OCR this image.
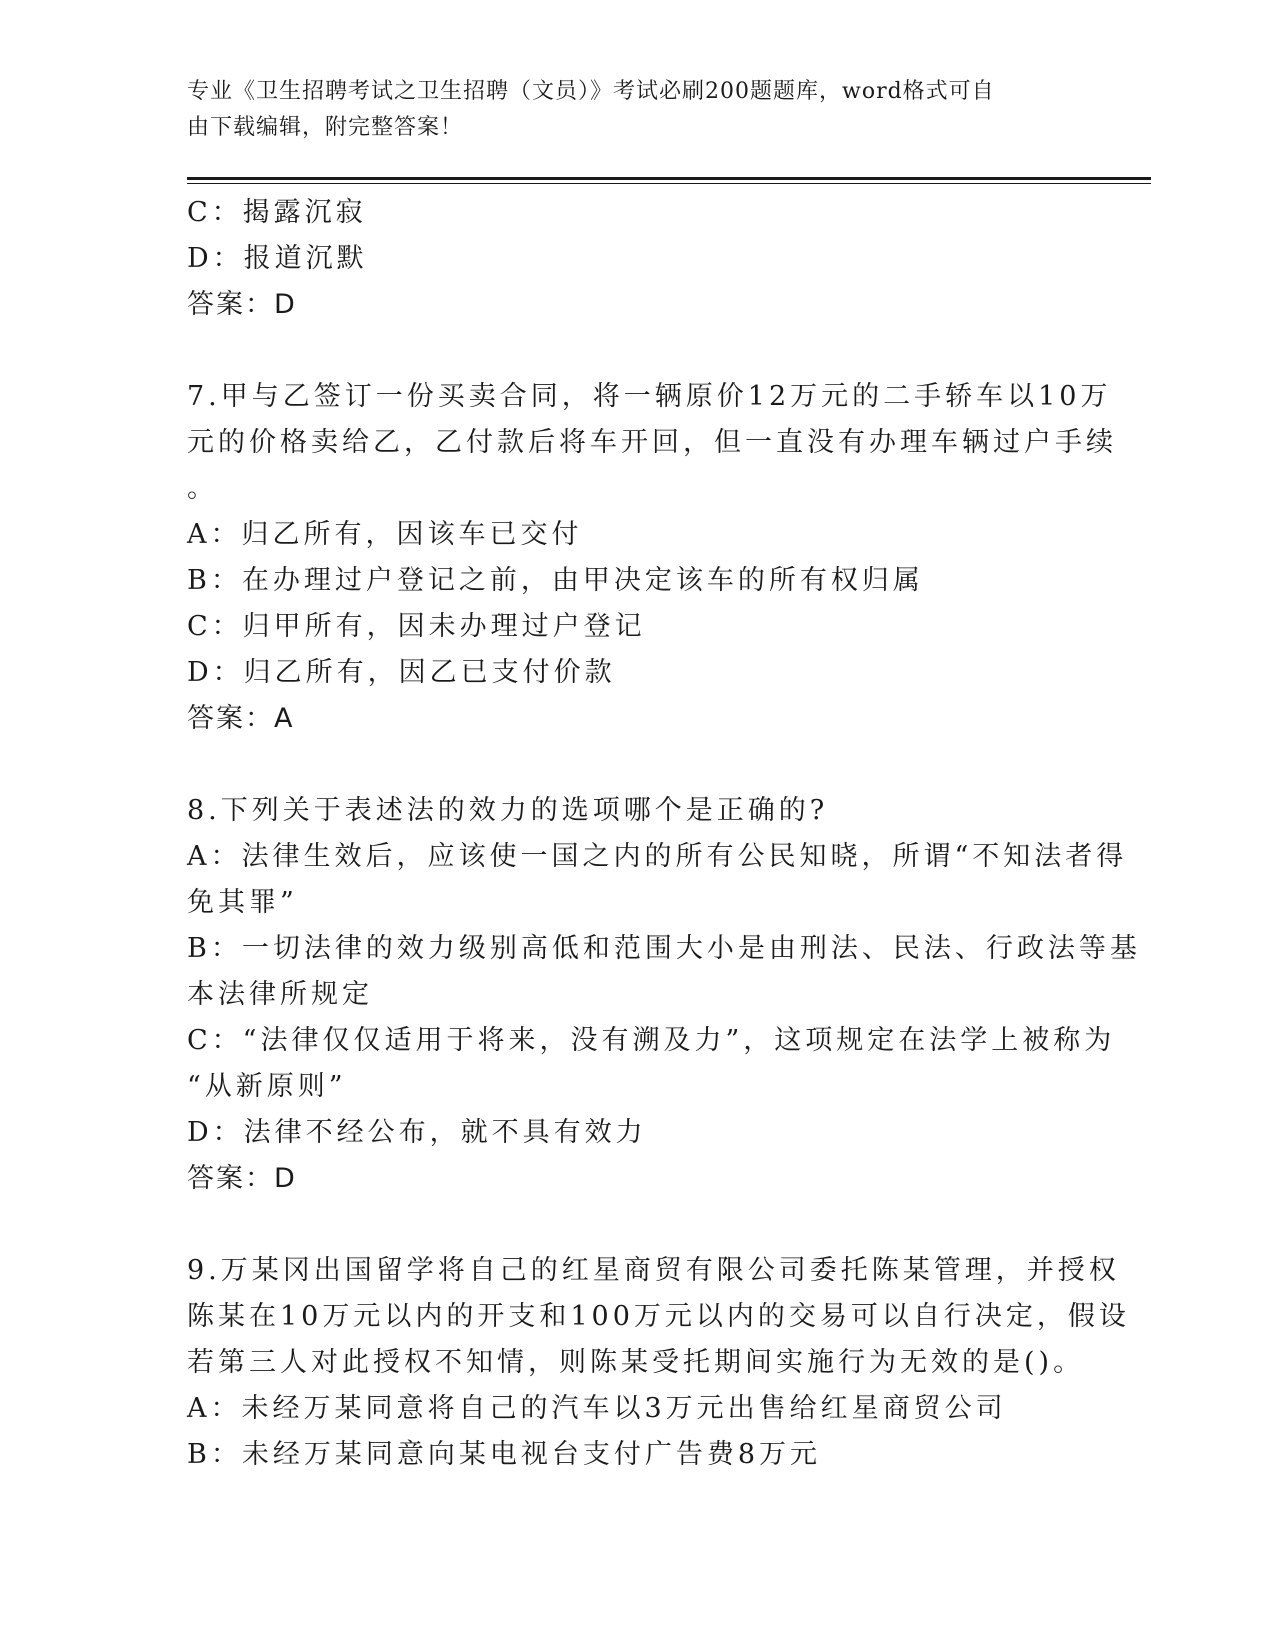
专业《卫生招聘考试之卫生招聘（文员）》考试必刷200题题库，word格式可自
由下载编辑，附完整答案！
C：揭露沉寂
D：报道沉默
答案：D
7.甲与乙签订一份买卖合同，将一辆原价12万元的二手轿车以10万
元的价格卖给乙，乙付款后将车开回，但一直没有办理车辆过户手续
。
A：归乙所有，因该车已交付
B：在办理过户登记之前，由甲决定该车的所有权归属
C：归甲所有，因未办理过户登记
D：归乙所有，因乙已支付价款
答案：A
8.下列关于表述法的效力的选项哪个是正确的?
A：法律生效后，应该使一国之内的所有公民知晓，所谓“不知法者得
免其罪”
B：一切法律的效力级别高低和范围大小是由刑法、民法、行政法等基
本法律所规定
C：“法律仅仅适用于将来，没有溯及力”，这项规定在法学上被称为
“从新原则”
D：法律不经公布，就不具有效力
答案：D
9.万某冈出国留学将自己的红星商贸有限公司委托陈某管理，并授权
陈某在10万元以内的开支和100万元以内的交易可以自行决定，假设
若第三人对此授权不知情，则陈某受托期间实施行为无效的是()。
A：未经万某同意将自己的汽车以3万元出售给红星商贸公司
B：未经万某同意向某电视台支付广告费8万元
